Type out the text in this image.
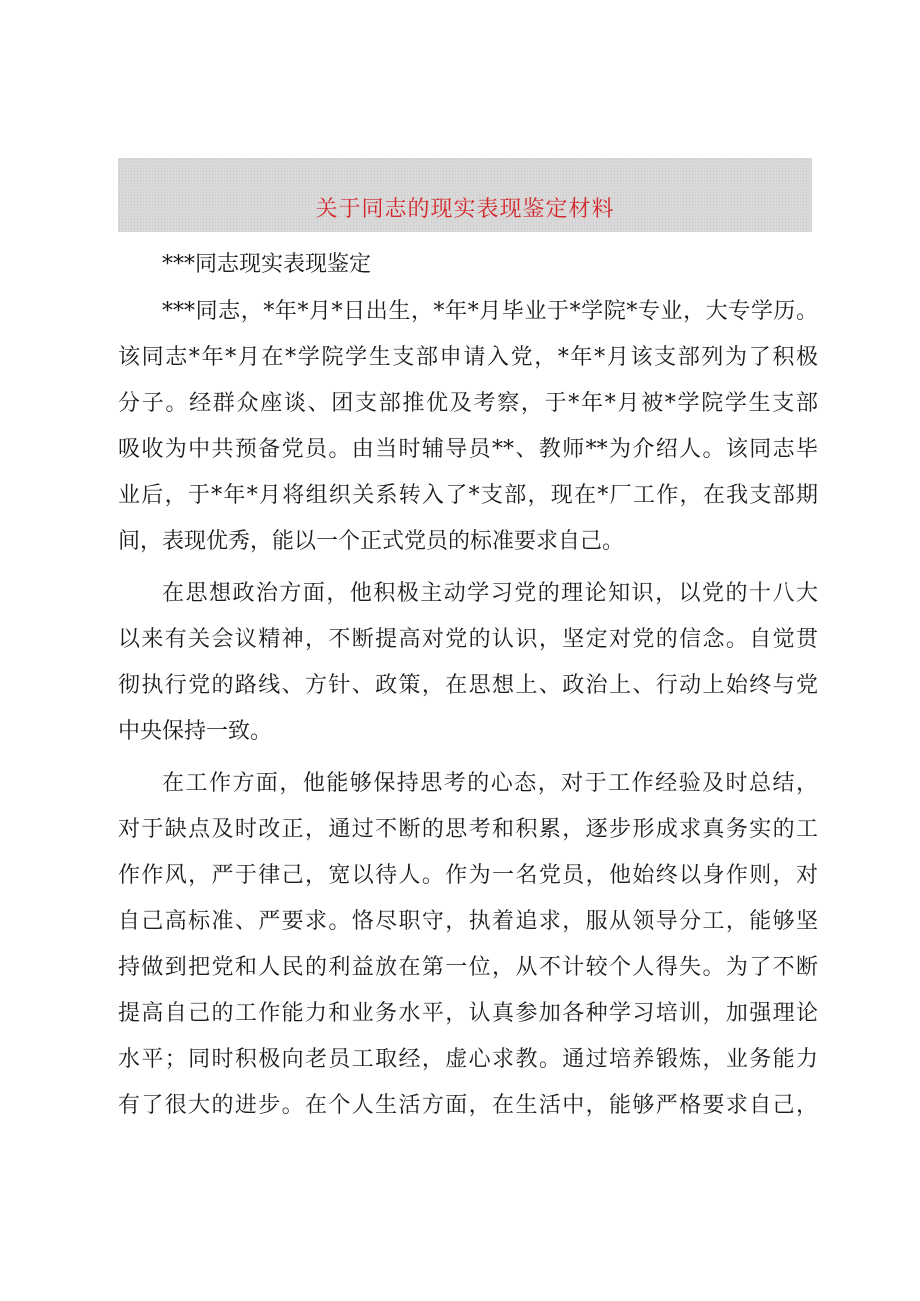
关于同志的现实表现鉴定材料
***同志现实表现鉴定
***同志，*年*月*日出生，*年*月毕业于*学院*专业，大专学历。
该同志*年*月在*学院学生支部申请入党，*年*月该支部列为了积极
分子。经群众座谈、团支部推优及考察，于*年*月被*学院学生支部
吸收为中共预备党员。由当时辅导员**、教师**为介绍人。该同志毕
业后，于*年*月将组织关系转入了*支部，现在*厂工作，在我支部期
间，表现优秀，能以一个正式党员的标准要求自己。
在思想政治方面，他积极主动学习党的理论知识，以党的十八大
以来有关会议精神，不断提高对党的认识，坚定对党的信念。自觉贯
彻执行党的路线、方针、政策，在思想上、政治上、行动上始终与党
中央保持一致。
在工作方面，他能够保持思考的心态，对于工作经验及时总结，
对于缺点及时改正，通过不断的思考和积累，逐步形成求真务实的工
作作风，严于律己，宽以待人。作为一名党员，他始终以身作则，对
自己高标准、严要求。恪尽职守，执着追求，服从领导分工，能够坚
持做到把党和人民的利益放在第一位，从不计较个人得失。为了不断
提高自己的工作能力和业务水平，认真参加各种学习培训，加强理论
水平；同时积极向老员工取经，虚心求教。通过培养锻炼，业务能力
有了很大的进步。在个人生活方面，在生活中，能够严格要求自己，
